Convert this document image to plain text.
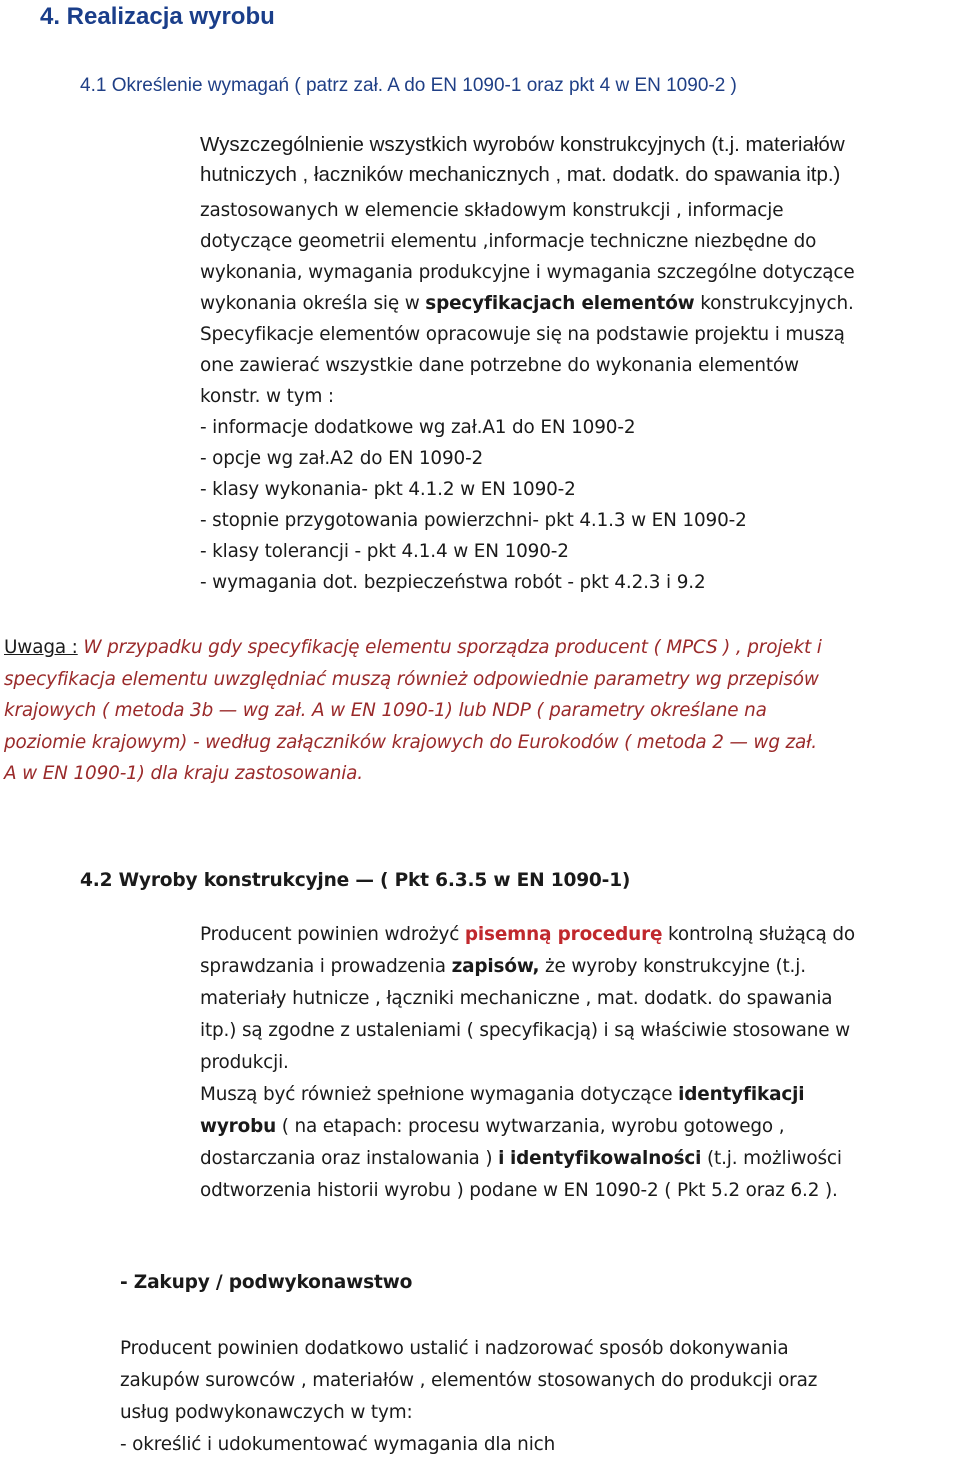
4. Realizacja wyrobu

4.1 Określenie wymagań ( patrz zał. A do EN 1090-1 oraz pkt 4 w EN 1090-2 )

Wyszczególnienie wszystkich wyrobów konstrukcyjnych (t.j. materiałów
hutniczych , łaczników mechanicznych , mat. dodatk. do spawania itp.)
zastosowanych w elemencie składowym konstrukcji , informacje
dotyczące geometrii elementu ,informacje techniczne niezbędne do
wykonania, wymagania produkcyjne i wymagania szczególne dotyczące
wykonania określa się w specyfikacjach elementów konstrukcyjnych.
Specyfikacje elementów opracowuje się na podstawie projektu i muszą
one zawierać wszystkie dane potrzebne do wykonania elementów
konstr. w tym :
- informacje dodatkowe wg zał.A1 do EN 1090-2
- opcje wg zał.A2 do EN 1090-2
- klasy wykonania- pkt 4.1.2 w EN 1090-2
- stopnie przygotowania powierzchni- pkt 4.1.3 w EN 1090-2
- klasy tolerancji - pkt 4.1.4 w EN 1090-2
- wymagania dot. bezpieczeństwa robót - pkt 4.2.3 i 9.2
Uwaga : W przypadku gdy specyfikację elementu sporządza producent ( MPCS ) , projekt i
specyfikacja elementu uwzględniać muszą również odpowiednie parametry wg przepisów
krajowych ( metoda 3b — wg zał. A w EN 1090-1) lub NDP ( parametry określane na
poziomie krajowym) - według załączników krajowych do Eurokodów ( metoda 2 — wg zał.
A w EN 1090-1) dla kraju zastosowania.

4.2 Wyroby konstrukcyjne — ( Pkt 6.3.5 w EN 1090-1)

Producent powinien wdrożyć pisemną procedurę kontrolną służącą do
sprawdzania i prowadzenia zapisów, że wyroby konstrukcyjne (t.j.
materiały hutnicze , łączniki mechaniczne , mat. dodatk. do spawania
itp.) są zgodne z ustaleniami ( specyfikacją) i są właściwie stosowane w
produkcji.
Muszą być również spełnione wymagania dotyczące identyfikacji
wyrobu ( na etapach: procesu wytwarzania, wyrobu gotowego ,
dostarczania oraz instalowania ) i identyfikowalności (t.j. możliwości
odtworzenia historii wyrobu ) podane w EN 1090-2 ( Pkt 5.2 oraz 6.2 ).

- Zakupy / podwykonawstwo

Producent powinien dodatkowo ustalić i nadzorować sposób dokonywania
zakupów surowców , materiałów , elementów stosowanych do produkcji oraz
usług podwykonawczych w tym:
- określić i udokumentować wymagania dla nich
